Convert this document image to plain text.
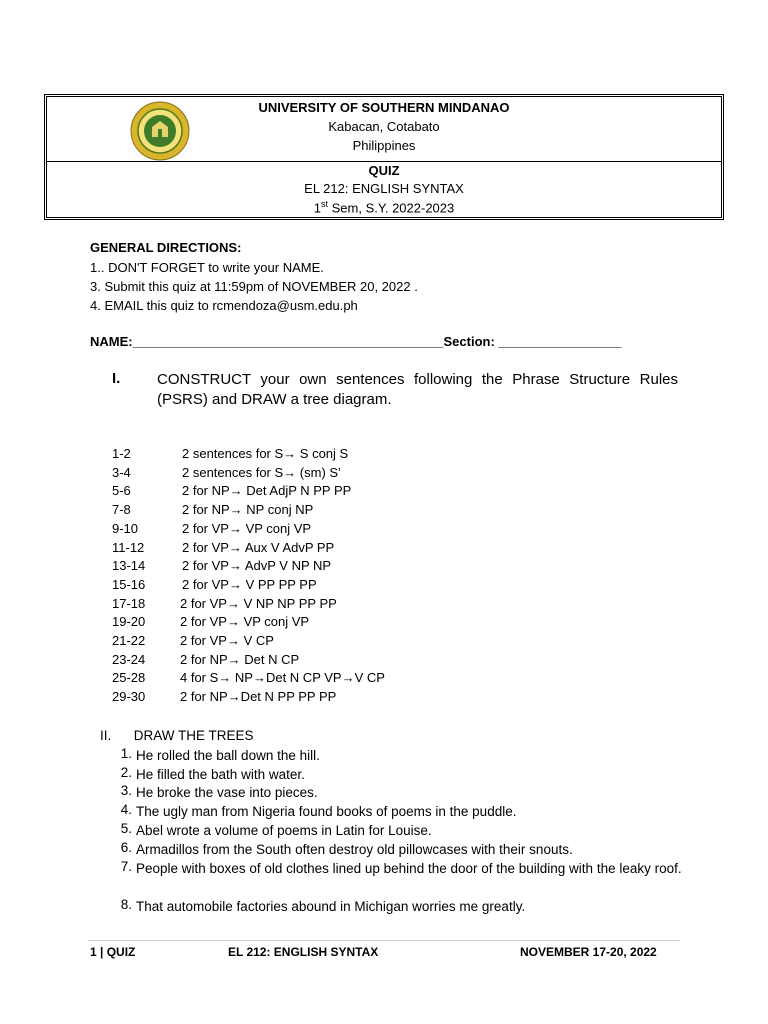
UNIVERSITY OF SOUTHERN MINDANAO
Kabacan, Cotabato
Philippines
QUIZ
EL 212: ENGLISH SYNTAX
1st Sem, S.Y. 2022-2023
GENERAL DIRECTIONS:
1.. DON'T FORGET to write your NAME.
3. Submit this quiz at 11:59pm of NOVEMBER 20, 2022 .
4. EMAIL this quiz to rcmendoza@usm.edu.ph
NAME:___________________________________________Section: _________________
I. CONSTRUCT your own sentences following the Phrase Structure Rules (PSRS) and DRAW a tree diagram.
1-2	2 sentences for S→ S conj S
3-4	2 sentences for S→ (sm) S’
5-6	2 for NP→ Det AdjP N PP PP
7-8	2 for NP→ NP conj NP
9-10	2 for VP→ VP conj VP
11-12	2 for VP→ Aux V AdvP PP
13-14	2 for VP→ AdvP V NP NP
15-16	2 for VP→ V PP PP PP
17-18	2 for VP→ V NP NP PP PP
19-20	2 for VP→ VP conj VP
21-22	2 for VP→ V CP
23-24	2 for NP→ Det N CP
25-28	4 for S→ NP→Det N CP VP→V CP
29-30	2 for NP→Det N PP PP PP
II.      DRAW THE TREES
1. He rolled the ball down the hill.
2. He filled the bath with water.
3. He broke the vase into pieces.
4. The ugly man from Nigeria found books of poems in the puddle.
5. Abel wrote a volume of poems in Latin for Louise.
6. Armadillos from the South often destroy old pillowcases with their snouts.
7. People with boxes of old clothes lined up behind the door of the building with the leaky roof.
8. That automobile factories abound in Michigan worries me greatly.
1 | QUIZ	EL 212: ENGLISH SYNTAX	NOVEMBER 17-20, 2022
